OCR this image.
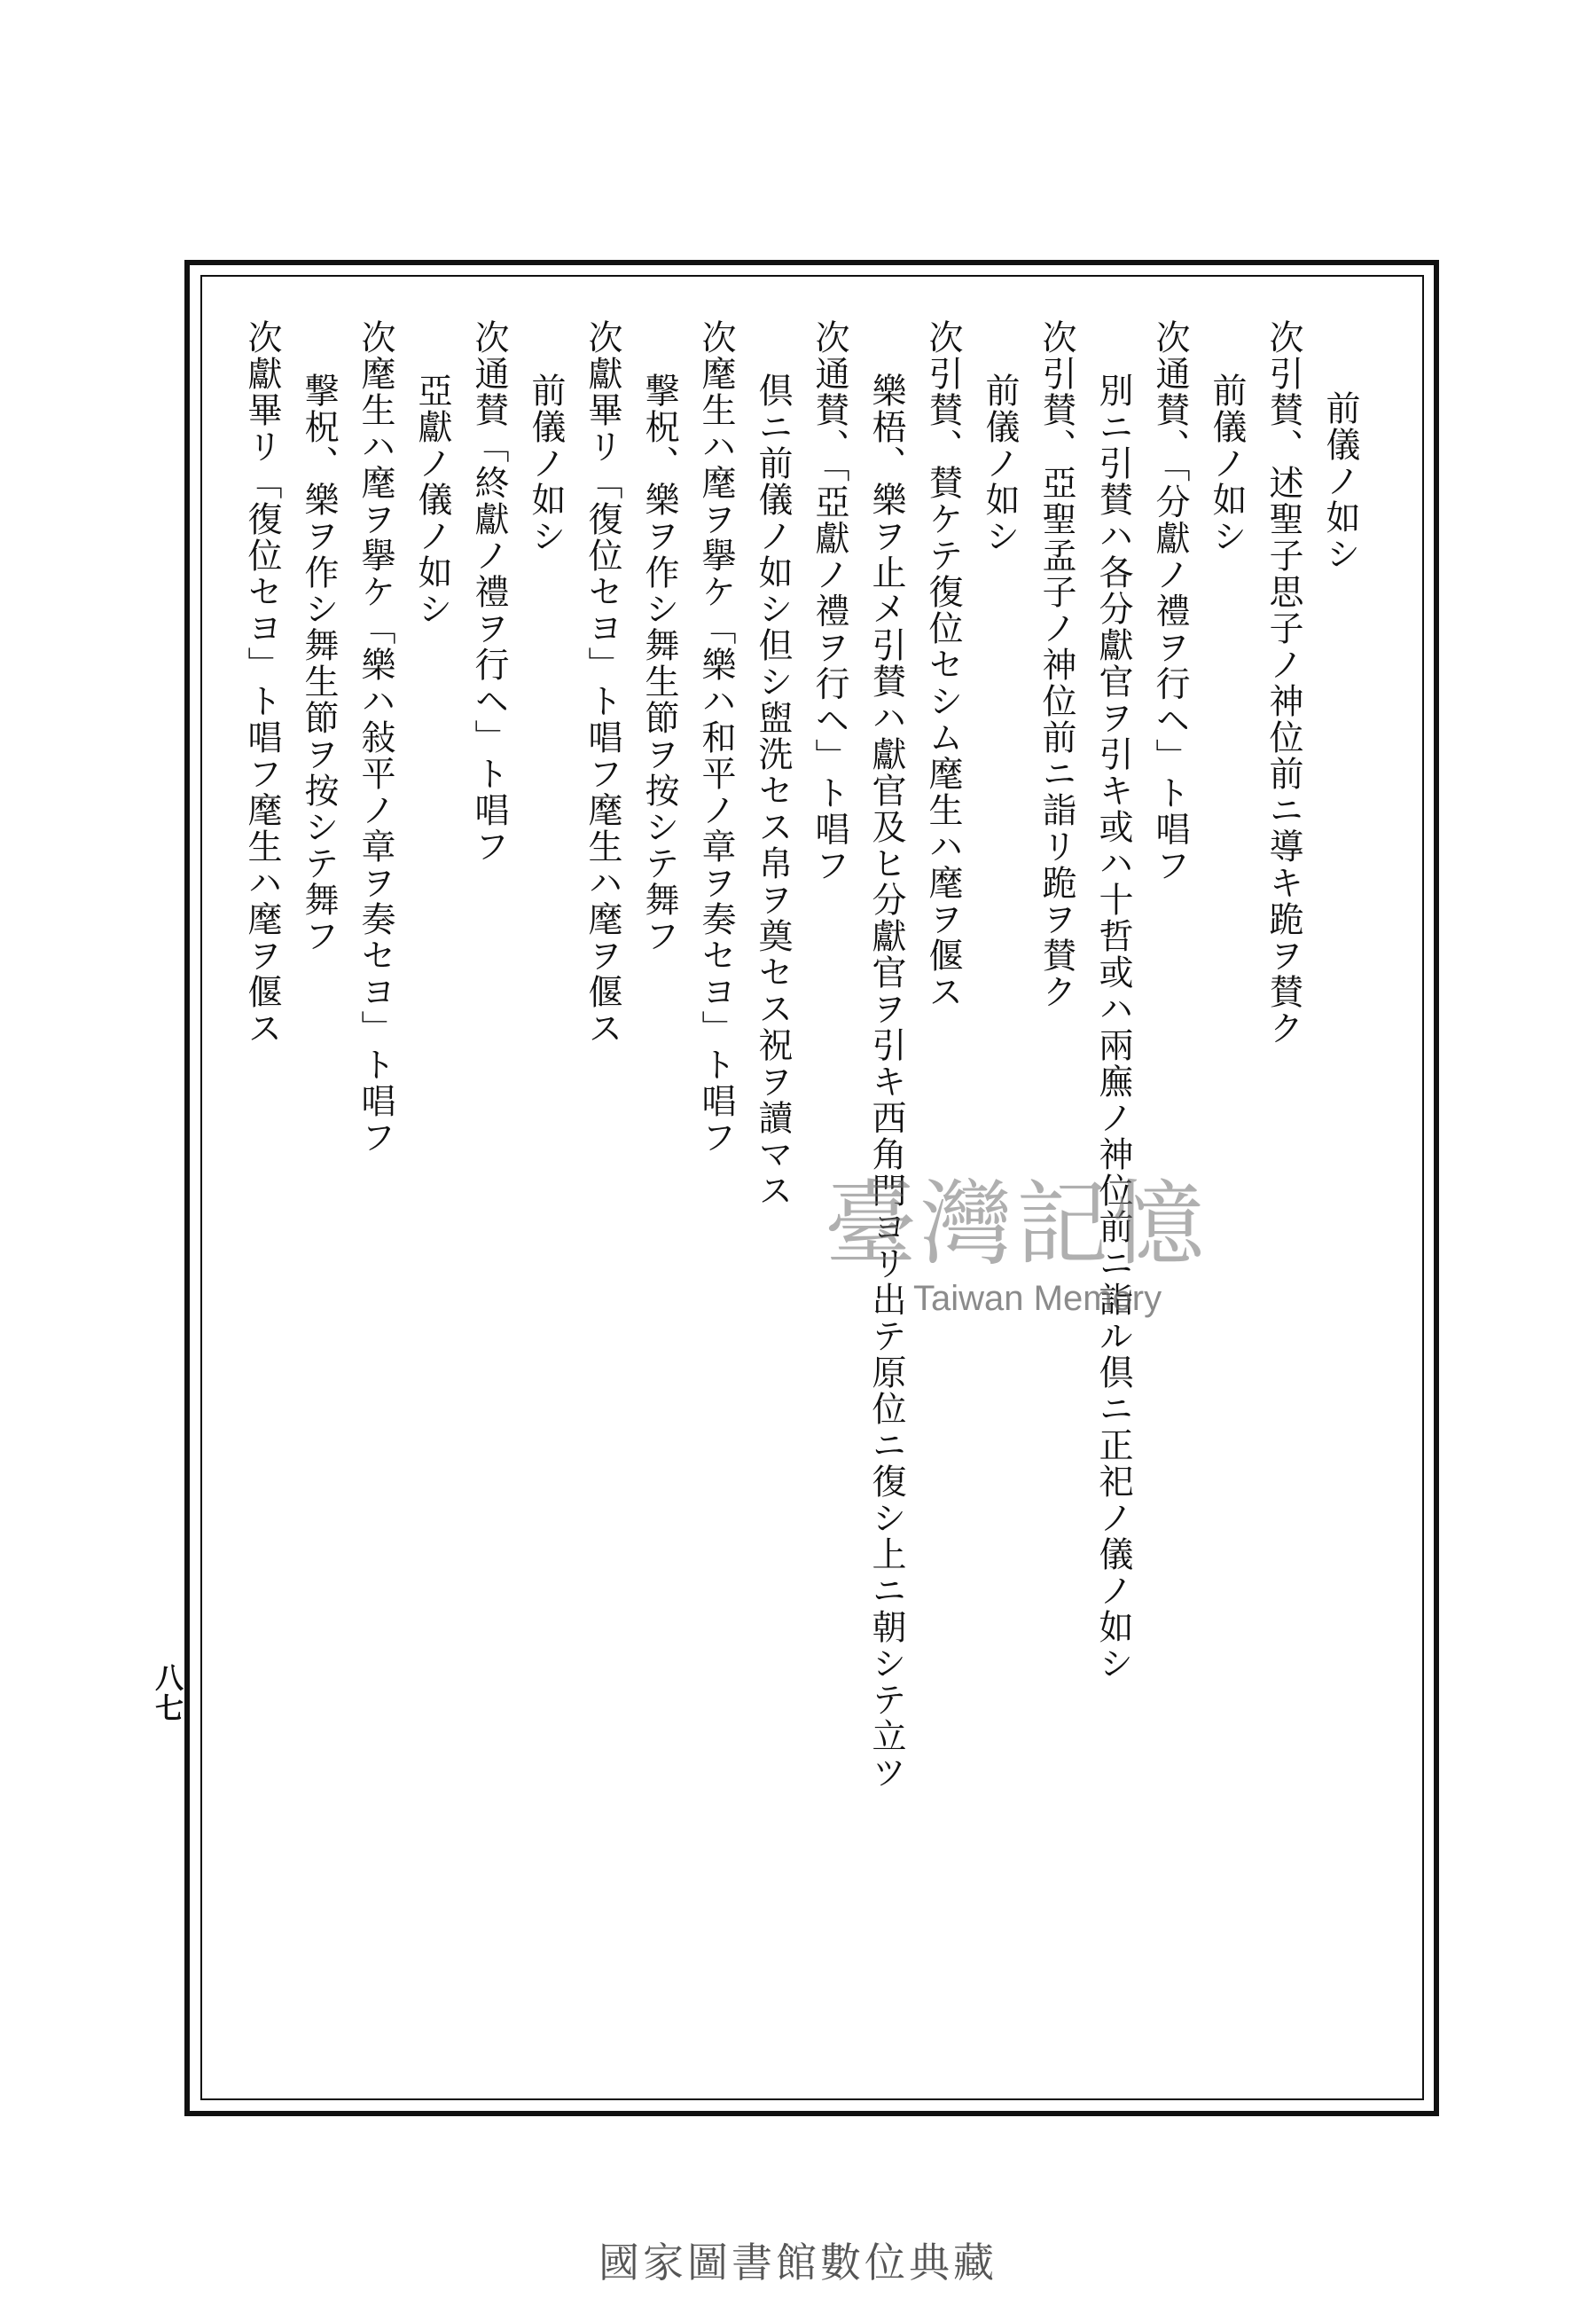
前儀ノ如シ
次引賛、述聖子思子ノ神位前ニ導キ跪ヲ賛ク
前儀ノ如シ
次通賛、「分獻ノ禮ヲ行ヘ」ト唱フ
別ニ引賛ハ各分獻官ヲ引キ或ハ十哲或ハ兩廡ノ神位前ニ詣ル倶ニ正祀ノ儀ノ如シ
次引賛、亞聖孟子ノ神位前ニ詣リ跪ヲ賛ク
前儀ノ如シ
次引賛、賛ケテ復位セシム麾生ハ麾ヲ偃ス
樂梧、樂ヲ止メ引賛ハ獻官及ヒ分獻官ヲ引キ西角門ヨリ出テ原位ニ復シ上ニ朝シテ立ツ
次通賛、「亞獻ノ禮ヲ行ヘ」ト唱フ
倶ニ前儀ノ如シ但シ盥洗セス帛ヲ奠セス祝ヲ讀マス
次麾生ハ麾ヲ擧ケ「樂ハ和平ノ章ヲ奏セヨ」ト唱フ
撃柷、樂ヲ作シ舞生節ヲ按シテ舞フ
次獻畢リ「復位セヨ」ト唱フ麾生ハ麾ヲ偃ス
前儀ノ如シ
次通賛「終獻ノ禮ヲ行ヘ」ト唱フ
亞獻ノ儀ノ如シ
次麾生ハ麾ヲ擧ケ「樂ハ敍平ノ章ヲ奏セヨ」ト唱フ
撃柷、樂ヲ作シ舞生節ヲ按シテ舞フ
次獻畢リ「復位セヨ」ト唱フ麾生ハ麾ヲ偃ス
八七
臺灣記憶
Taiwan Memory
國家圖書館數位典藏
